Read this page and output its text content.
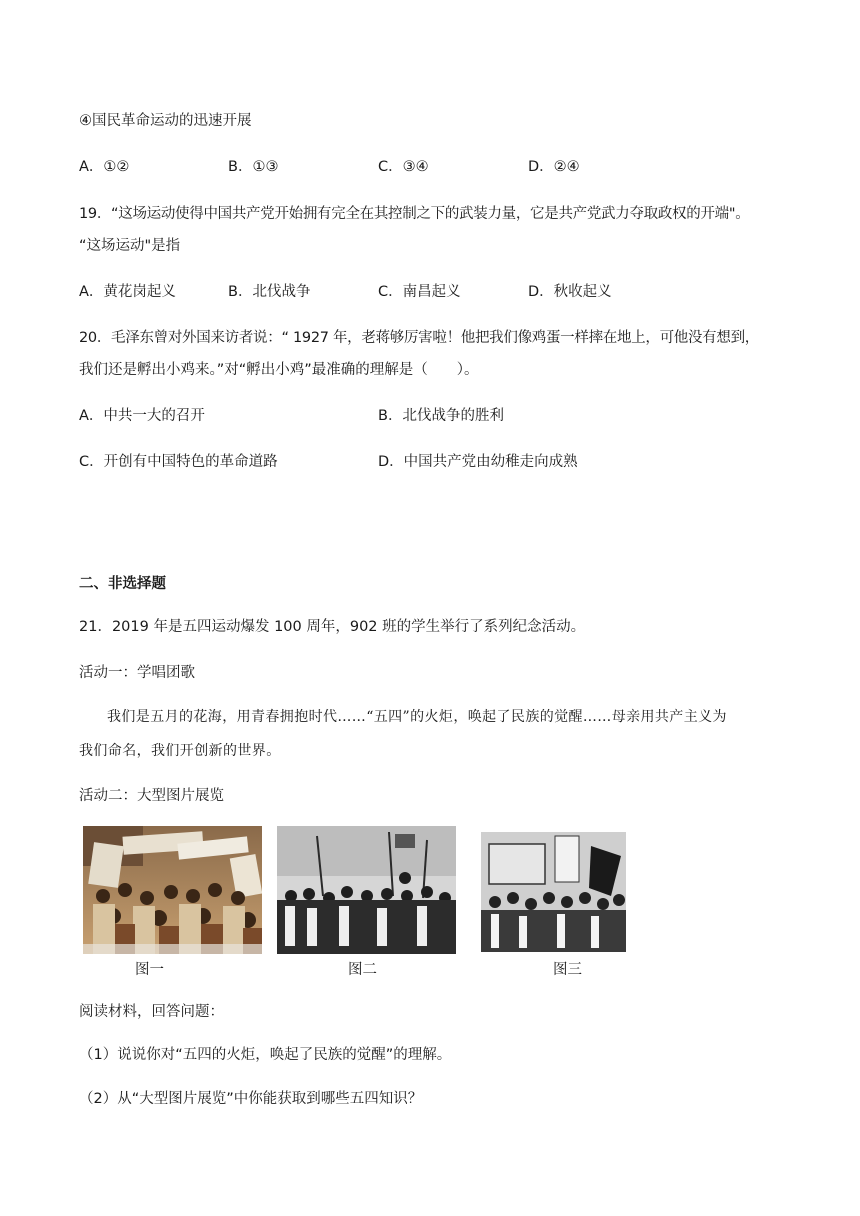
④国民革命运动的迅速开展
A．①②	B．①③	C．③④	D．②④
19．“这场运动使得中国共产党开始拥有完全在其控制之下的武装力量，它是共产党武力夺取政权的开端"。
“这场运动"是指
A．黄花岗起义	B．北伐战争	C．南昌起义	D．秋收起义
20．毛泽东曾对外国来访者说：“ 1927 年，老蒋够厉害啦！他把我们像鸡蛋一样摔在地上，可他没有想到，
我们还是孵出小鸡来。”对“孵出小鸡”最准确的理解是（　　）。
A．中共一大的召开	B．北伐战争的胜利
C．开创有中国特色的革命道路	D．中国共产党由幼稚走向成熟
二、非选择题
21．2019 年是五四运动爆发 100 周年，902 班的学生举行了系列纪念活动。
活动一：学唱团歌
我们是五月的花海，用青春拥抱时代……“五四”的火炬，唤起了民族的觉醒……母亲用共产主义为
我们命名，我们开创新的世界。
活动二：大型图片展览
图一	图二	图三
阅读材料，回答问题：
（1）说说你对“五四的火炬，唤起了民族的觉醒”的理解。
（2）从“大型图片展览”中你能获取到哪些五四知识？
